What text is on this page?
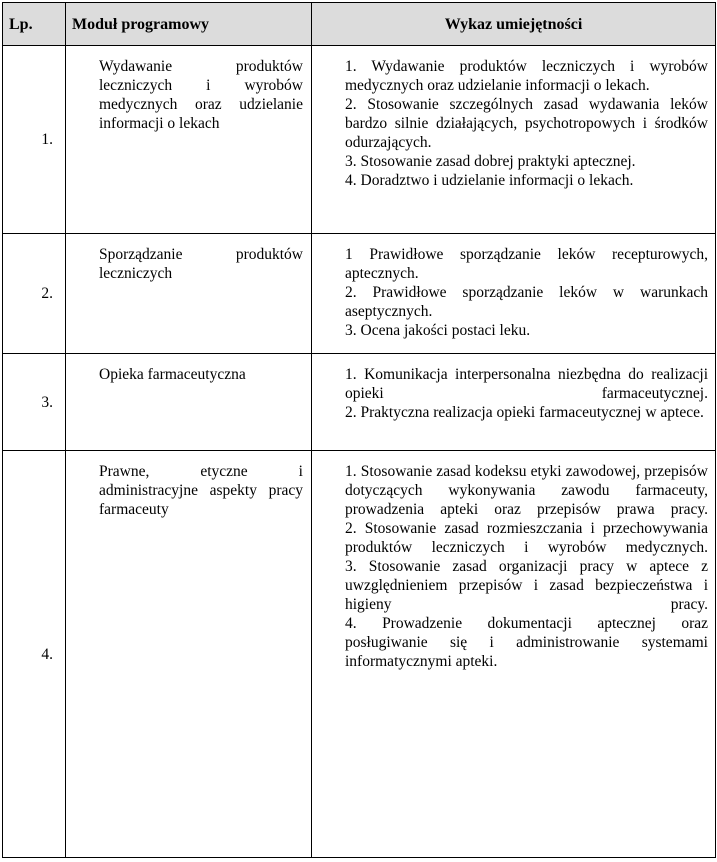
Lp.	Moduł programowy	Wykaz umiejętności
1.	Wydawanie produktów leczniczych i wyrobów medycznych oraz udzielanie informacji o lekach	1. Wydawanie produktów leczniczych i wyrobów medycznych oraz udzielanie informacji o lekach.
2. Stosowanie szczególnych zasad wydawania leków bardzo silnie działających, psychotropowych i środków odurzających.
3. Stosowanie zasad dobrej praktyki aptecznej.
4. Doradztwo i udzielanie informacji o lekach.

2.	Sporządzanie produktów leczniczych	1 Prawidłowe sporządzanie leków recepturowych, aptecznych.
2. Prawidłowe sporządzanie leków w warunkach aseptycznych.
3. Ocena jakości postaci leku.

3.	Opieka farmaceutyczna	1. Komunikacja interpersonalna niezbędna do realizacji opieki farmaceutycznej.
2. Praktyczna realizacja opieki farmaceutycznej w aptece.

4.	Prawne, etyczne i administracyjne aspekty pracy farmaceuty	1. Stosowanie zasad kodeksu etyki zawodowej, przepisów dotyczących wykonywania zawodu farmaceuty, prowadzenia apteki oraz przepisów prawa pracy.
2. Stosowanie zasad rozmieszczania i przechowywania produktów leczniczych i wyrobów medycznych.
3. Stosowanie zasad organizacji pracy w aptece z uwzględnieniem przepisów i zasad bezpieczeństwa i higieny pracy.
4. Prowadzenie dokumentacji aptecznej oraz posługiwanie się i administrowanie systemami informatycznymi apteki.
